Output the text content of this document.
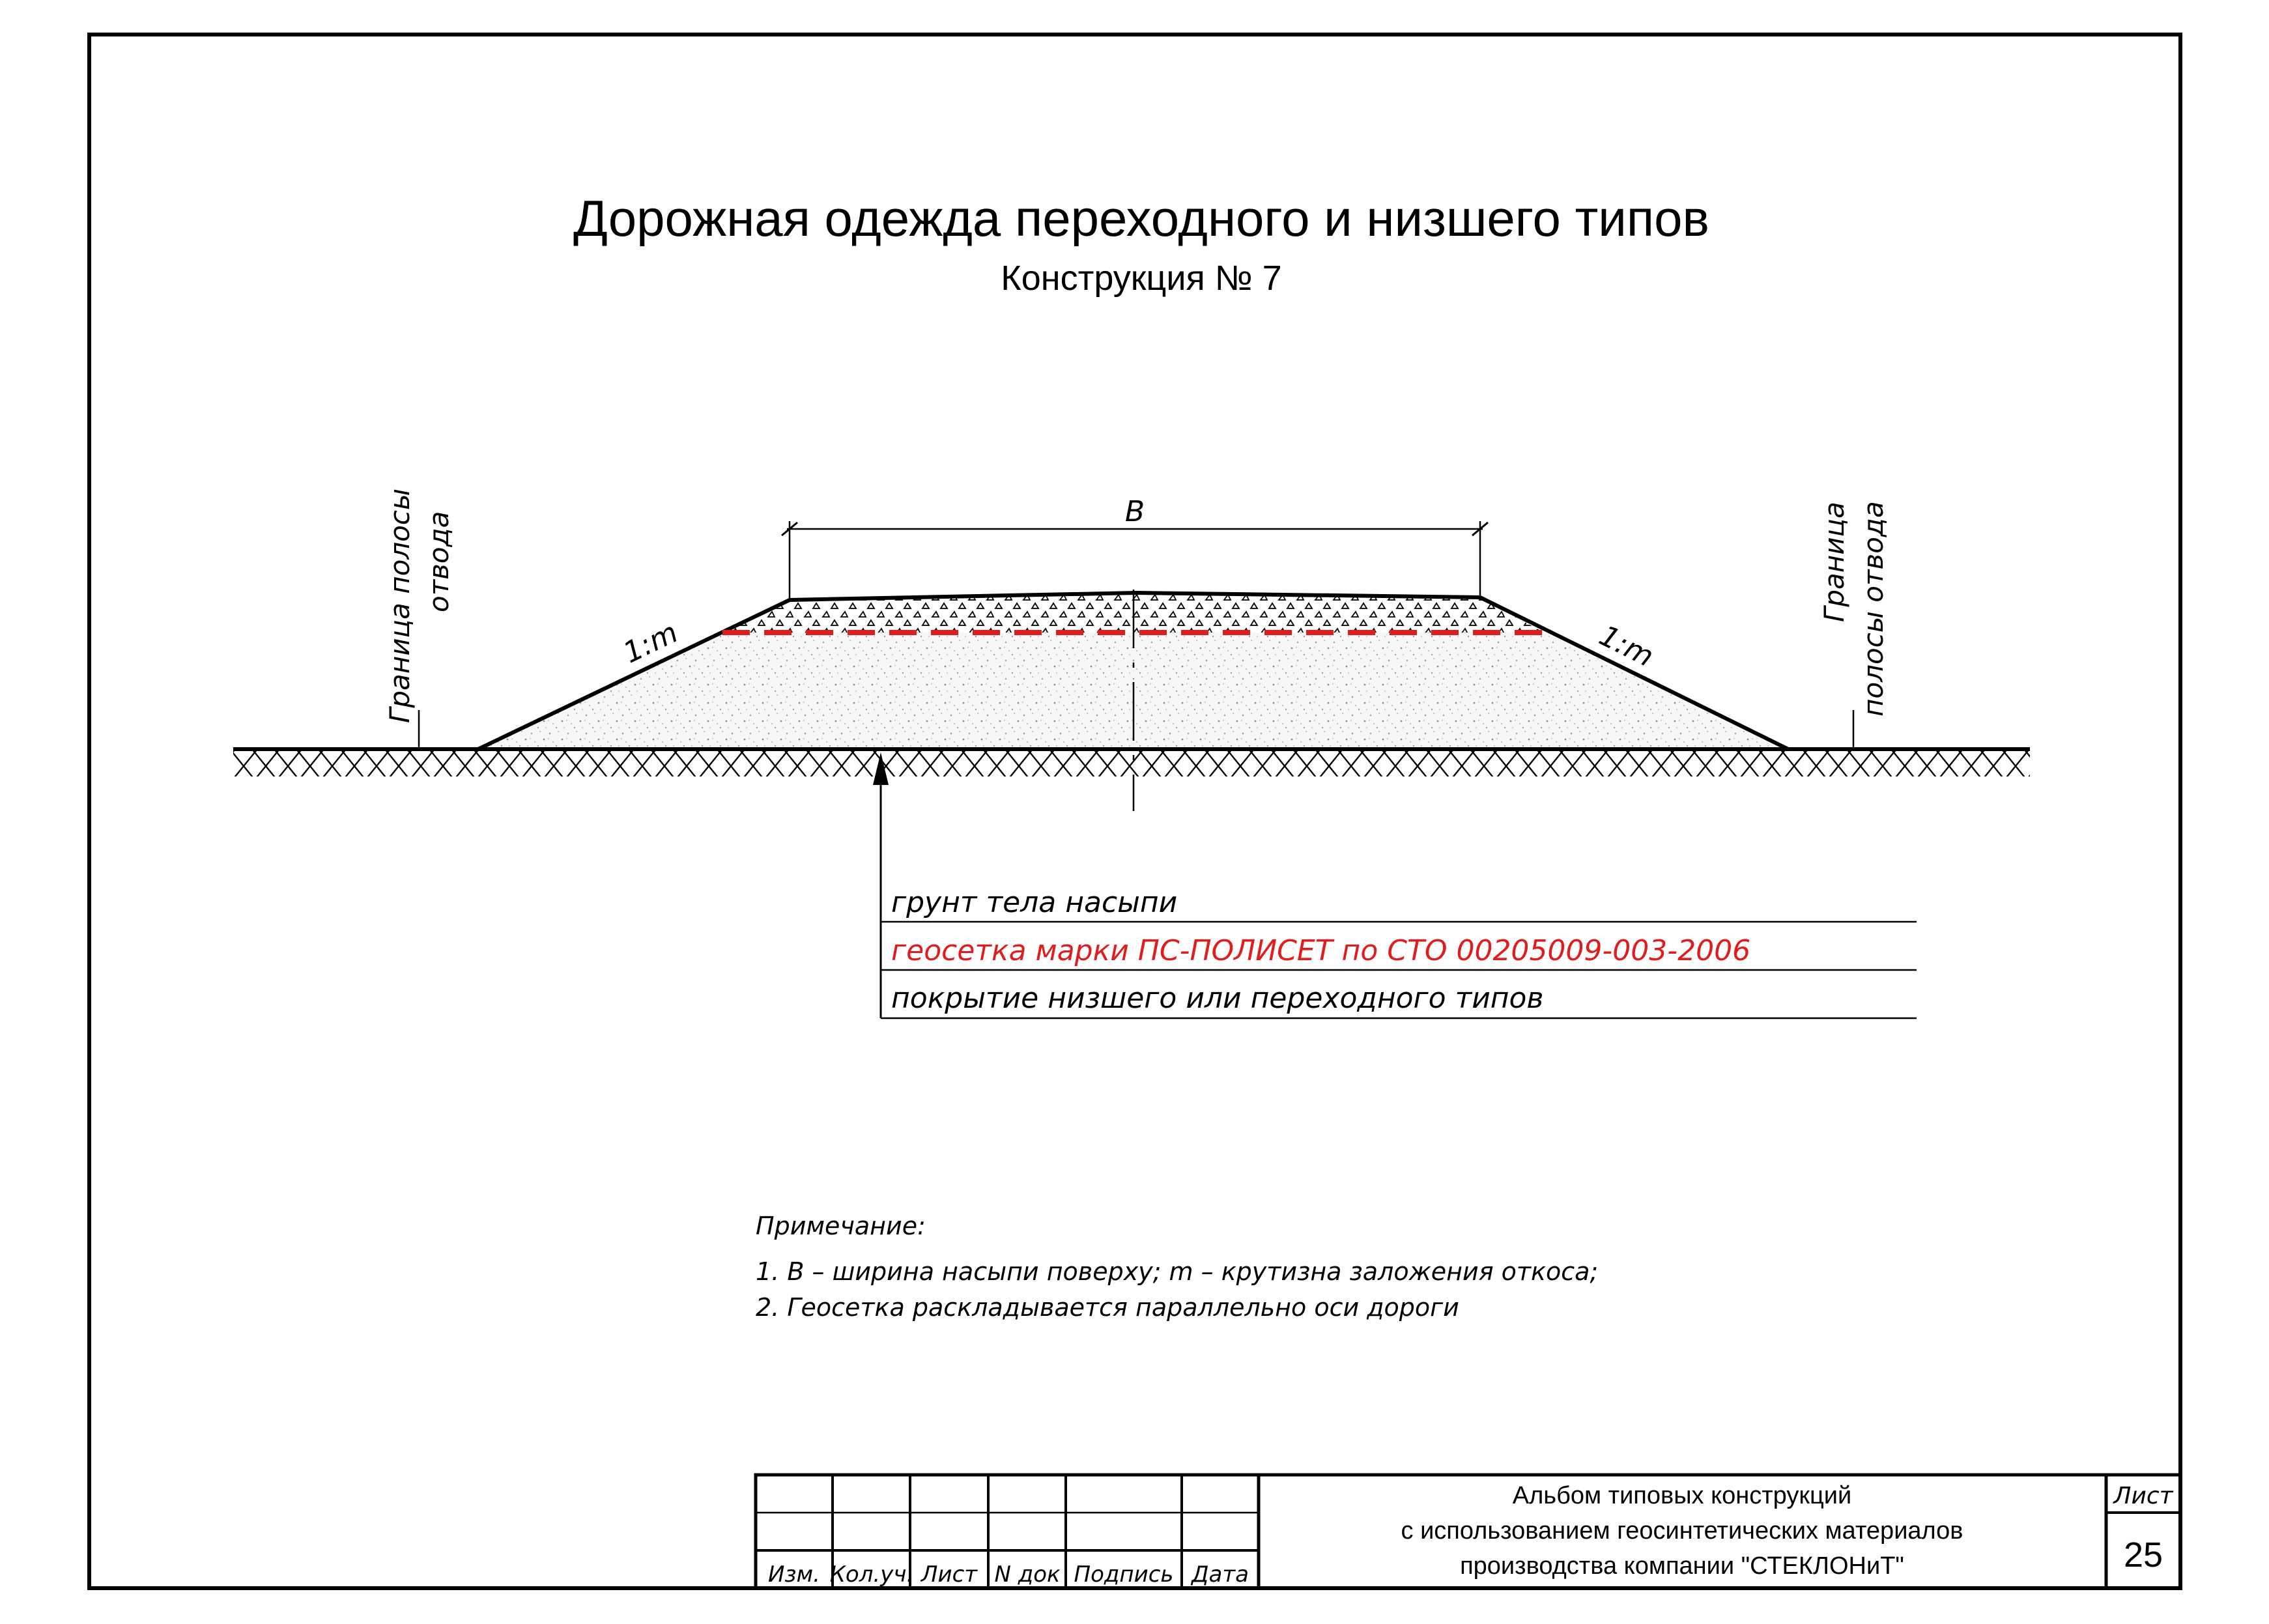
Дорожная одежда переходного и низшего типов
Конструкция № 7
B
1:m	1:m
Граница полосы отвода	Граница полосы отвода
грунт тела насыпи
геосетка марки ПС-ПОЛИСЕТ по СТО 00205009-003-2006
покрытие низшего или переходного типов
Примечание:
1. B – ширина насыпи поверху; m – крутизна заложения откоса;
2. Геосетка раскладывается параллельно оси дороги
Изм. Кол.уч. Лист N док Подпись Дата
Альбом типовых конструкций
с использованием геосинтетических материалов
производства компании "СТЕКЛОНиТ"
Лист
25
